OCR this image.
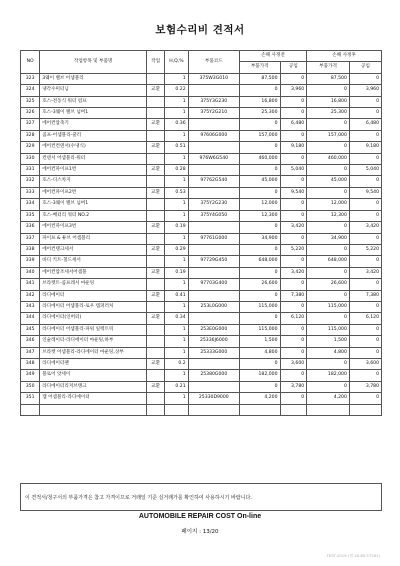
보험수리비 견적서
NO	작업항목 및 부품명	작업	H,Q,%	부품코드	손해 사정전		손해 사정후	
					부품가격	공임	부품가격	공임
323	3웨이 밸브 어셈블리		1	375W3G010	87,500	0	87,500	0
324	냉각수미터님	교환	0.22		0	3,960	0	3,960
325	호스-전동식 워터 펌프		1	375Y3G230	16,800	0	16,800	0
326	호스-3웨이 밸브 넘버1		1	375Y2G210	25,300	0	25,300	0
327	에어컨압축기	교환	0.36		0	6,480	0	6,480
328	콤프-어셈블리-쿨러		1	97606G000	157,000	0	157,000	0
329	에어컨컨덴서(수냉식)	교환	0.51		0	9,180	0	9,180
330	컨덴서 어셈블리-워터		1	976W6G540	460,000	0	460,000	0
331	에어컨파이프1번	교환	0.28		0	5,040	0	5,040
332	호스-디스차지		1	97762G540	45,000	0	45,000	0
333	에어컨파이프2번	교환	0.53		0	9,540	0	9,540
334	호스-3웨이 밸브 넘버1		1	375Y2G230	12,000	0	12,000	0
335	호스-배터리 쿼터 NO.2		1	375Y4G050	12,300	0	12,300	0
336	에어컨파이프3번	교환	0.19		0	3,420	0	3,420
337	파이프 & 튜브 어셈블리		1	97761G000	34,900	0	34,900	0
338	에어컨탱크세서	교환	0.29		0	5,220	0	5,220
339	바디 키트-칠드세서		1	97729G450	648,000	0	648,000	0
340	에어컨압조세서어셈블	교환	0.19		0	3,420	0	3,420
341	브라켓트-콤프레서 마운팅		1	97703G400	26,600	0	26,600	0
342	라디에이터	교환	0.41		0	7,380	0	7,380
343	라디에이터 어셈블리-로우 템퍼러처		1	253L0G000	115,000	0	115,000	0
344	라디에이터(인버터)	교환	0.34		0	6,120	0	6,120
345	라디에이터 어셈블리-파워 일렉트릭		1	253E0G000	115,000	0	115,000	0
346	인슐레이터-라디에이터 마운팅,하부		1	25336J6000	1,500	0	1,500	0
347	브라켓 어셈블리-라디에이터 마운팅,상부		1	25333G000	4,800	0	4,800	0
348	라디에이터팬	교환	0.2		0	3,600	0	3,600
349	블로어 앗세이		1	25380G000	182,000	0	182,000	0
350	라디에이터리저브탱크	교환	0.21		0	3,780	0	3,780
351	캡 어셈블리-라디에이터		1	25330D9000	4,200	0	4,200	0

이 견적서/청구서의 부품가격은 참고 가격이므로 거래일 기준 실거래가를 확인하여 사용하시기 바랍니다.
AUTOMOBILE REPAIR COST On-line
페이지 : 13/20
TEST-2019 (전-20.80.57261)
